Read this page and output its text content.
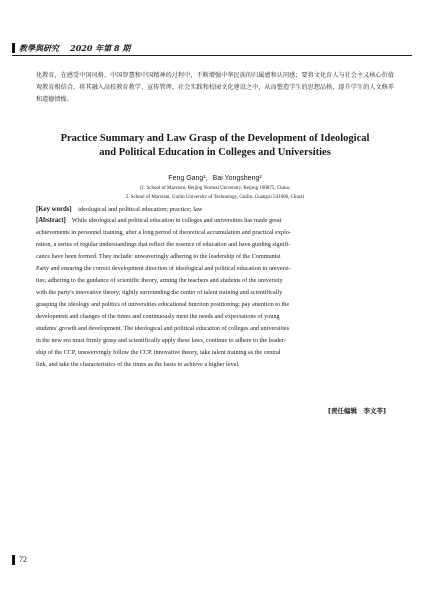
教學與研究 2020 年第 8 期
化教育，在感受中国风格、中国智慧和中国精神的过程中，不断增强中华民族的归属感和认同感；要将文化育人与社会主义核心价值观教育相结合，将其融入高校教育教学、宣传管理、社会实践和校园文化建设之中，从而塑造学生的思想品格，提升学生的人文修养和道德情操。
Practice Summary and Law Grasp of the Development of Ideological
and Political Education in Colleges and Universities
Feng Gang¹，Bai Yongsheng²
(1. School of Marxism, Beijing Normal University, Beijing 100875, China;
2. School of Marxism, Guilin University of Technology, Guilin, Guangxi 541006, China)
[Key words] ideological and political education; practice; law
[Abstract] While ideological and political education in colleges and universities has made great
achievements in personnel training, after a long period of theoretical accumulation and practical explo-
ration, a series of regular understandings that reflect the essence of education and have guiding signifi-
cance have been formed. They include: unwaveringly adhering to the leadership of the Communist
Party and ensuring the correct development direction of ideological and political education in universi-
ties; adhering to the guidance of scientific theory, arming the teachers and students of the university
with the party's innovative theory; tightly surrounding the center of talent training and scientifically
grasping the ideology and politics of universities educational function positioning; pay attention to the
development and changes of the times and continuously meet the needs and expectations of young
students' growth and development. The ideological and political education of colleges and universities
in the new era must firmly grasp and scientifically apply these laws, continue to adhere to the leader-
ship of the CCP, unswervingly follow the CCP. innovative theory, take talent training as the central
link, and take the characteristics of the times as the basis to achieve a higher level.
[责任编辑　李文苓]
72
